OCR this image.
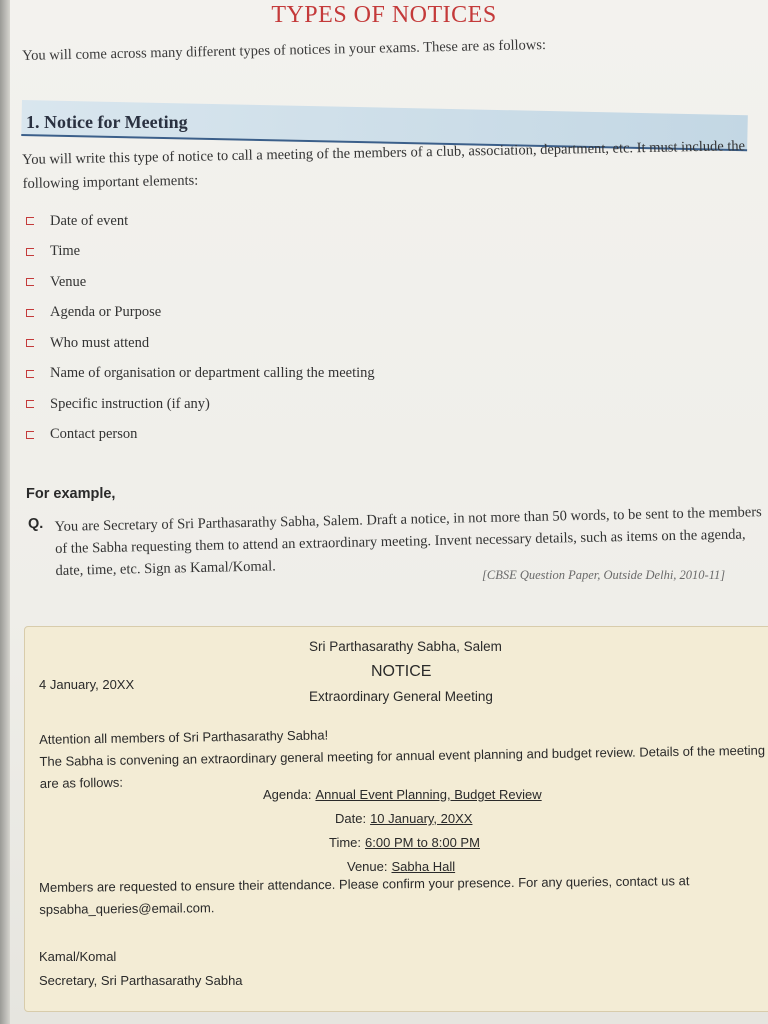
TYPES OF NOTICES
You will come across many different types of notices in your exams. These are as follows:
1. Notice for Meeting
You will write this type of notice to call a meeting of the members of a club, association, department, etc. It must include the following important elements:
Date of event
Time
Venue
Agenda or Purpose
Who must attend
Name of organisation or department calling the meeting
Specific instruction (if any)
Contact person
For example,
Q. You are Secretary of Sri Parthasarathy Sabha, Salem. Draft a notice, in not more than 50 words, to be sent to the members of the Sabha requesting them to attend an extraordinary meeting. Invent necessary details, such as items on the agenda, date, time, etc. Sign as Kamal/Komal.	[CBSE Question Paper, Outside Delhi, 2010-11]
Sri Parthasarathy Sabha, Salem
4 January, 20XX
NOTICE
Extraordinary General Meeting
Attention all members of Sri Parthasarathy Sabha!
The Sabha is convening an extraordinary general meeting for annual event planning and budget review. Details of the meeting are as follows:
Agenda: Annual Event Planning, Budget Review
Date: 10 January, 20XX
Time: 6:00 PM to 8:00 PM
Venue: Sabha Hall
Members are requested to ensure their attendance. Please confirm your presence. For any queries, contact us at spsabha_queries@email.com.
Kamal/Komal
Secretary, Sri Parthasarathy Sabha
